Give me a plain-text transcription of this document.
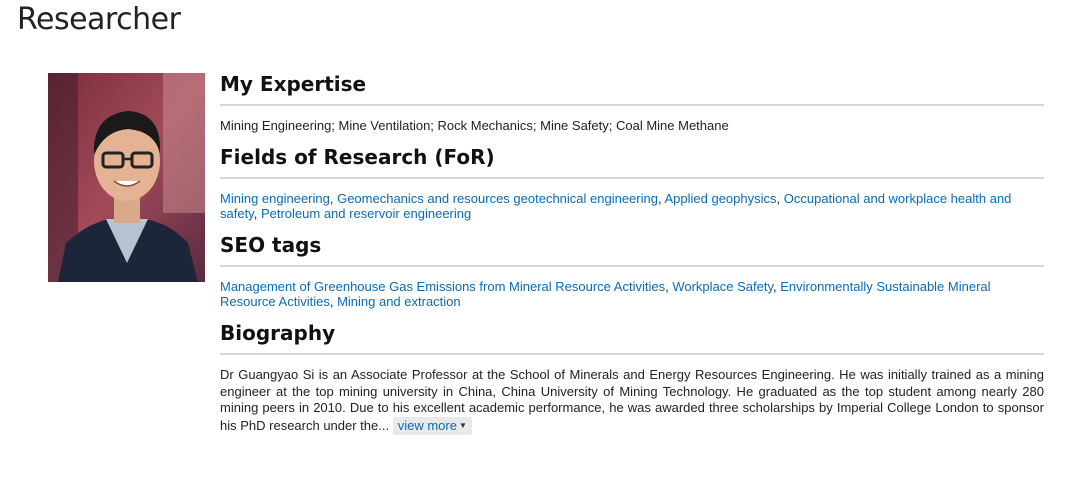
Researcher
My Expertise

Mining Engineering; Mine Ventilation; Rock Mechanics; Mine Safety; Coal Mine Methane

Fields of Research (FoR)

Mining engineering, Geomechanics and resources geotechnical engineering, Applied geophysics, Occupational and workplace health and safety, Petroleum and reservoir engineering

SEO tags

Management of Greenhouse Gas Emissions from Mineral Resource Activities, Workplace Safety, Environmentally Sustainable Mineral Resource Activities, Mining and extraction

Biography

Dr Guangyao Si is an Associate Professor at the School of Minerals and Energy Resources Engineering. He was initially trained as a mining engineer at the top mining university in China, China University of Mining Technology. He graduated as the top student among nearly 280 mining peers in 2010. Due to his excellent academic performance, he was awarded three scholarships by Imperial College London to sponsor his PhD research under the... view more ▼
